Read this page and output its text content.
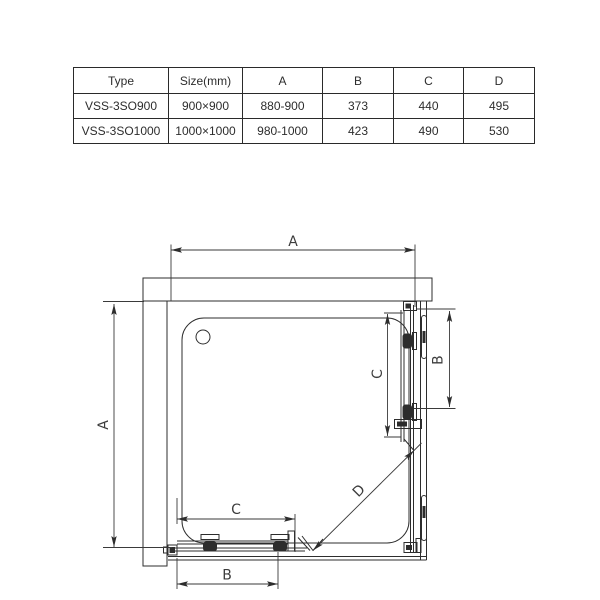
Type	Size(mm)	A	B	C	D
VSS-3SO900	900×900	880-900	373	440	495
VSS-3SO1000	1000×1000	980-1000	423	490	530
D
A
A
B
C
C
B
